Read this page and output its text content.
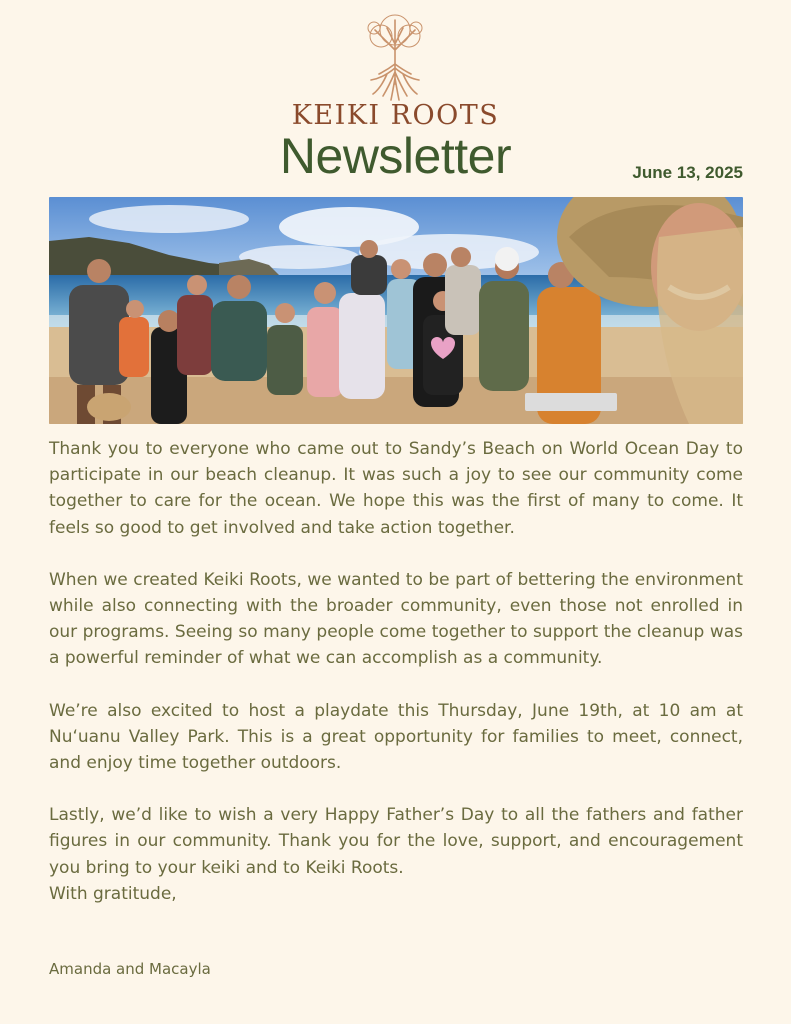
KEIKI ROOTS
Newsletter	June 13, 2025

Thank you to everyone who came out to Sandy’s Beach on World Ocean Day to participate in our beach cleanup. It was such a joy to see our community come together to care for the ocean. We hope this was the first of many to come. It feels so good to get involved and take action together.

When we created Keiki Roots, we wanted to be part of bettering the environment while also connecting with the broader community, even those not enrolled in our programs. Seeing so many people come together to support the cleanup was a powerful reminder of what we can accomplish as a community.

We’re also excited to host a playdate this Thursday, June 19th, at 10 am at Nuʻuanu Valley Park. This is a great opportunity for families to meet, connect, and enjoy time together outdoors.

Lastly, we’d like to wish a very Happy Father’s Day to all the fathers and father figures in our community. Thank you for the love, support, and encouragement you bring to your keiki and to Keiki Roots.

With gratitude,
Amanda and Macayla
